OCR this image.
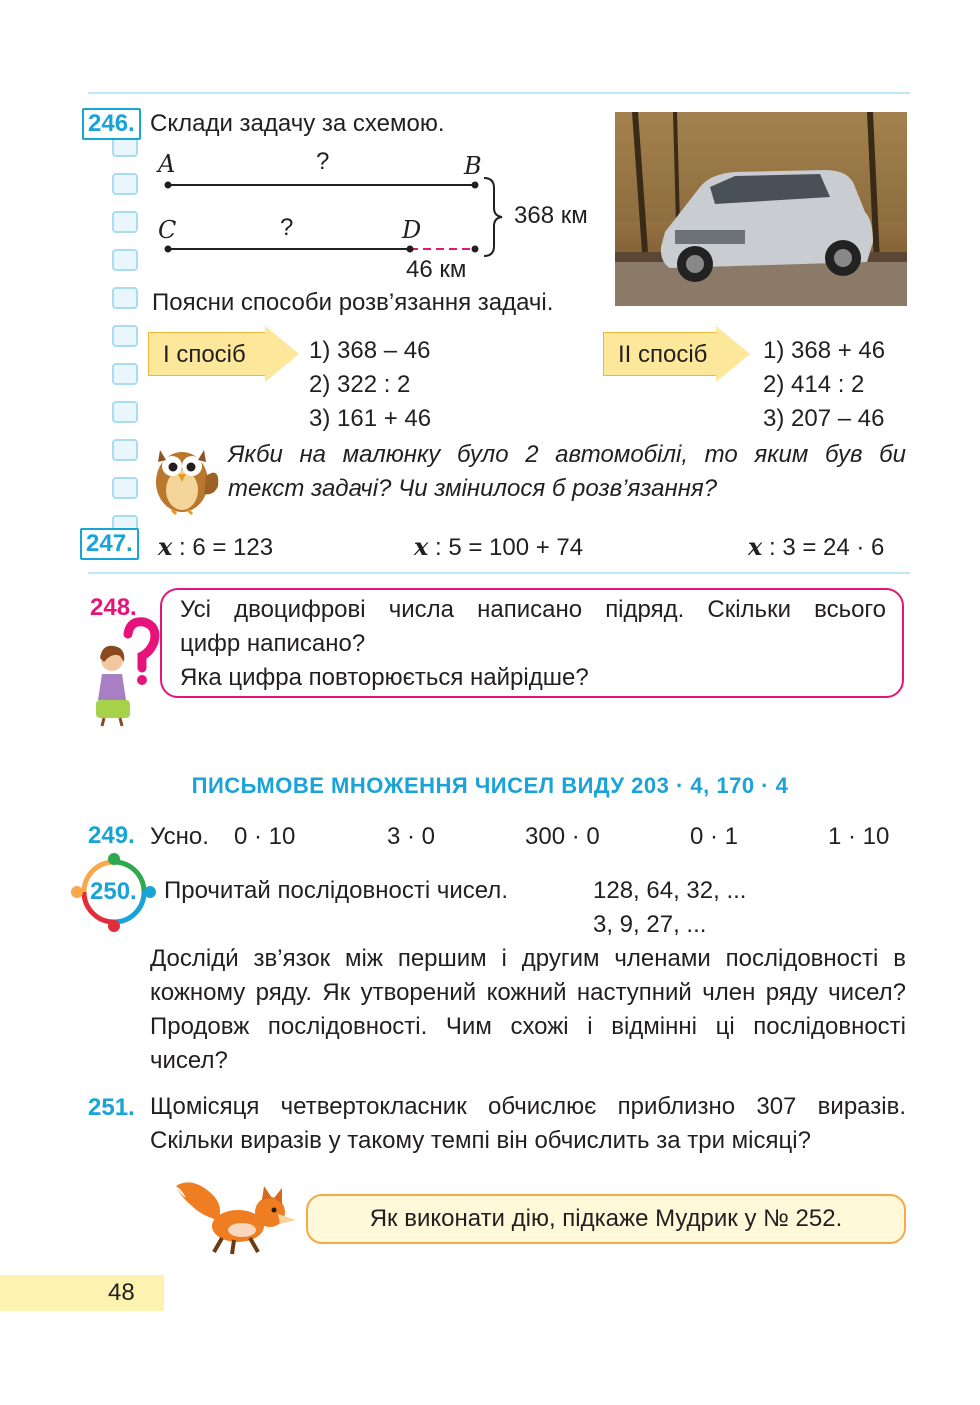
246. Склади задачу за схемою.
A	?	B
C	?	D
368 км
46 км
Поясни способи розв’язання задачі.
I спосіб	1) 368 – 46
2) 322 : 2
3) 161 + 46
II спосіб	1) 368 + 46
2) 414 : 2
3) 207 – 46
Якби на малюнку було 2 автомобілі, то яким був би
текст задачі? Чи змінилося б розв’язання?
247. x : 6 = 123	x : 5 = 100 + 74	x : 3 = 24 · 6
248. Усі двоцифрові числа написано підряд. Скільки всього
цифр написано?
Яка цифра повторюється найрідше?
ПИСЬМОВЕ МНОЖЕННЯ ЧИСЕЛ ВИДУ 203 · 4, 170 · 4
249. Усно. 0 · 10	3 · 0	300 · 0	0 · 1	1 · 10
250. Прочитай послідовності чисел.	128, 64, 32, ...
3, 9, 27, ...
Досліди́ зв’язок між першим і другим членами послідовності в
кожному ряду. Як утворений кожний наступний член ряду чисел?
Продовж послідовності. Чим схожі і відмінні ці послідовності
чисел?
251. Щомісяця четвертокласник обчислює приблизно 307 виразів.
Скільки виразів у такому темпі він обчислить за три місяці?
Як виконати дію, підкаже Мудрик у № 252.
48
